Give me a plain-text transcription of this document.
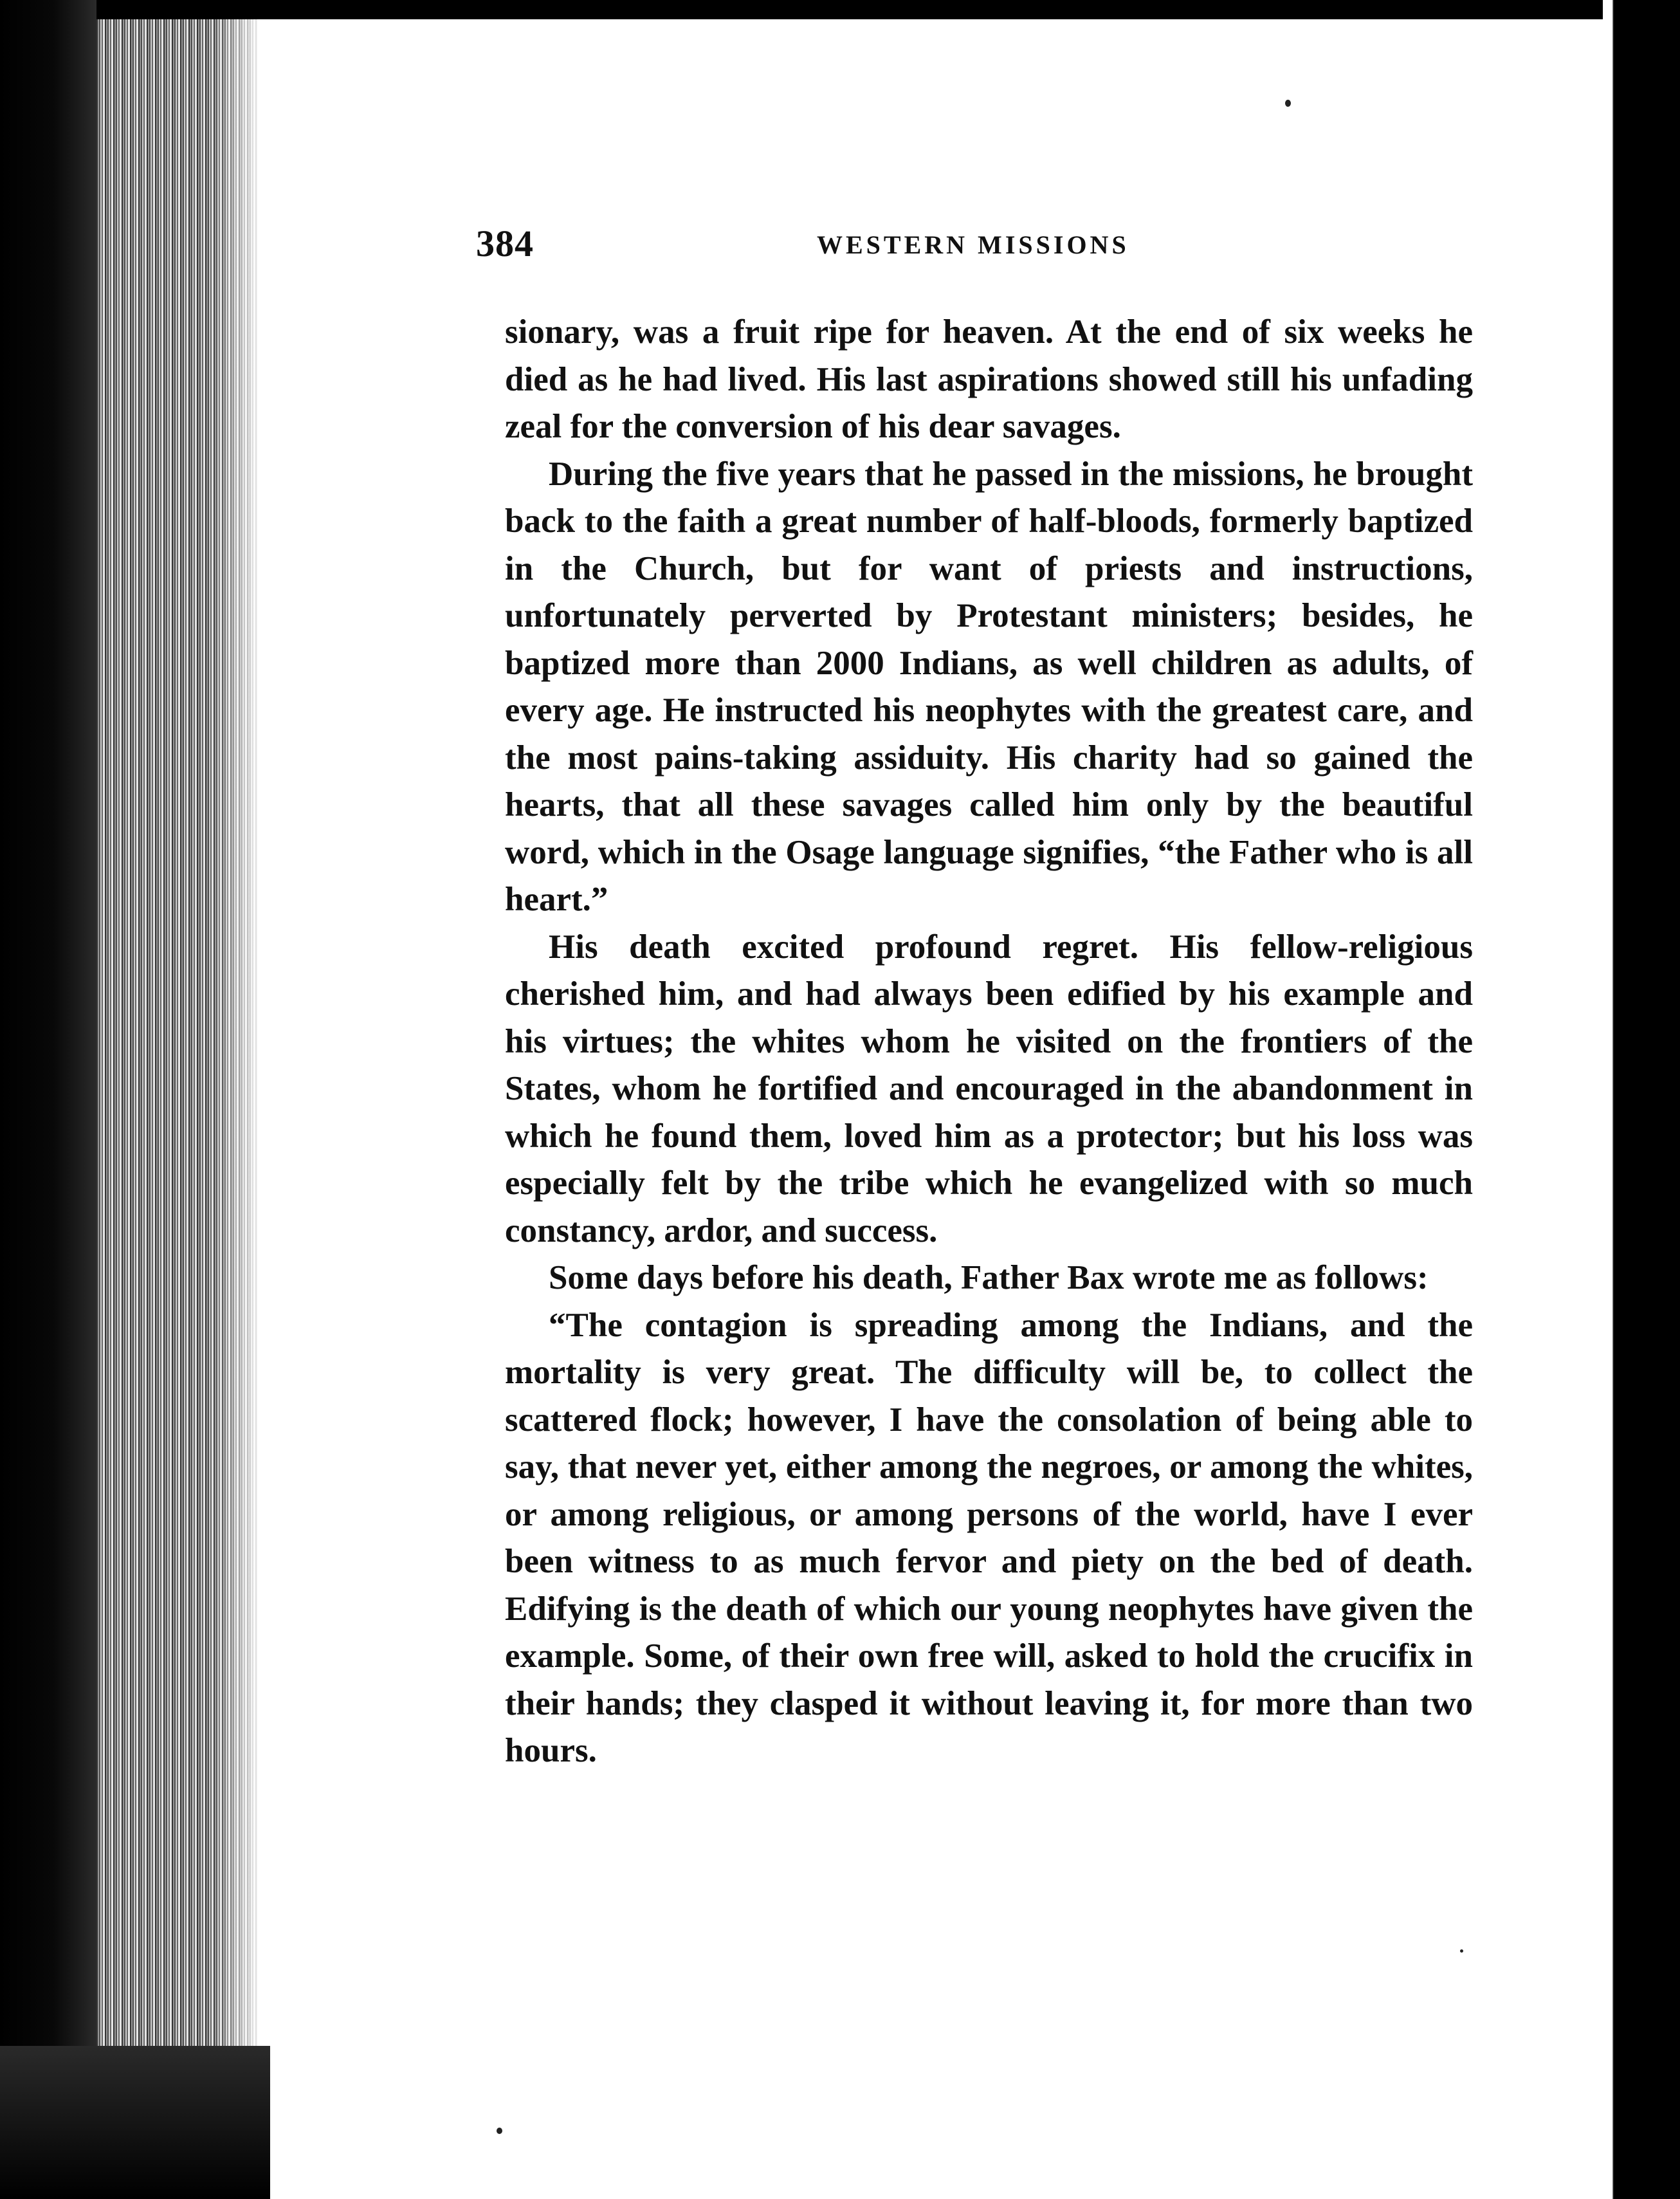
384	WESTERN MISSIONS

sionary, was a fruit ripe for heaven. At the end of six weeks he died as he had lived. His last aspirations showed still his unfading zeal for the conversion of his dear savages.

During the five years that he passed in the missions, he brought back to the faith a great number of half-bloods, formerly baptized in the Church, but for want of priests and instructions, unfortunately perverted by Protestant ministers; besides, he baptized more than 2000 Indians, as well children as adults, of every age. He instructed his neophytes with the greatest care, and the most pains-taking assiduity. His charity had so gained the hearts, that all these savages called him only by the beautiful word, which in the Osage language signifies, “the Father who is all heart.”

His death excited profound regret. His fellow-religious cherished him, and had always been edified by his example and his virtues; the whites whom he visited on the frontiers of the States, whom he fortified and encouraged in the abandonment in which he found them, loved him as a protector; but his loss was especially felt by the tribe which he evangelized with so much constancy, ardor, and success.

Some days before his death, Father Bax wrote me as follows:

“The contagion is spreading among the Indians, and the mortality is very great. The difficulty will be, to collect the scattered flock; however, I have the consolation of being able to say, that never yet, either among the negroes, or among the whites, or among religious, or among persons of the world, have I ever been witness to as much fervor and piety on the bed of death. Edifying is the death of which our young neophytes have given the example. Some, of their own free will, asked to hold the crucifix in their hands; they clasped it without leaving it, for more than two hours.
